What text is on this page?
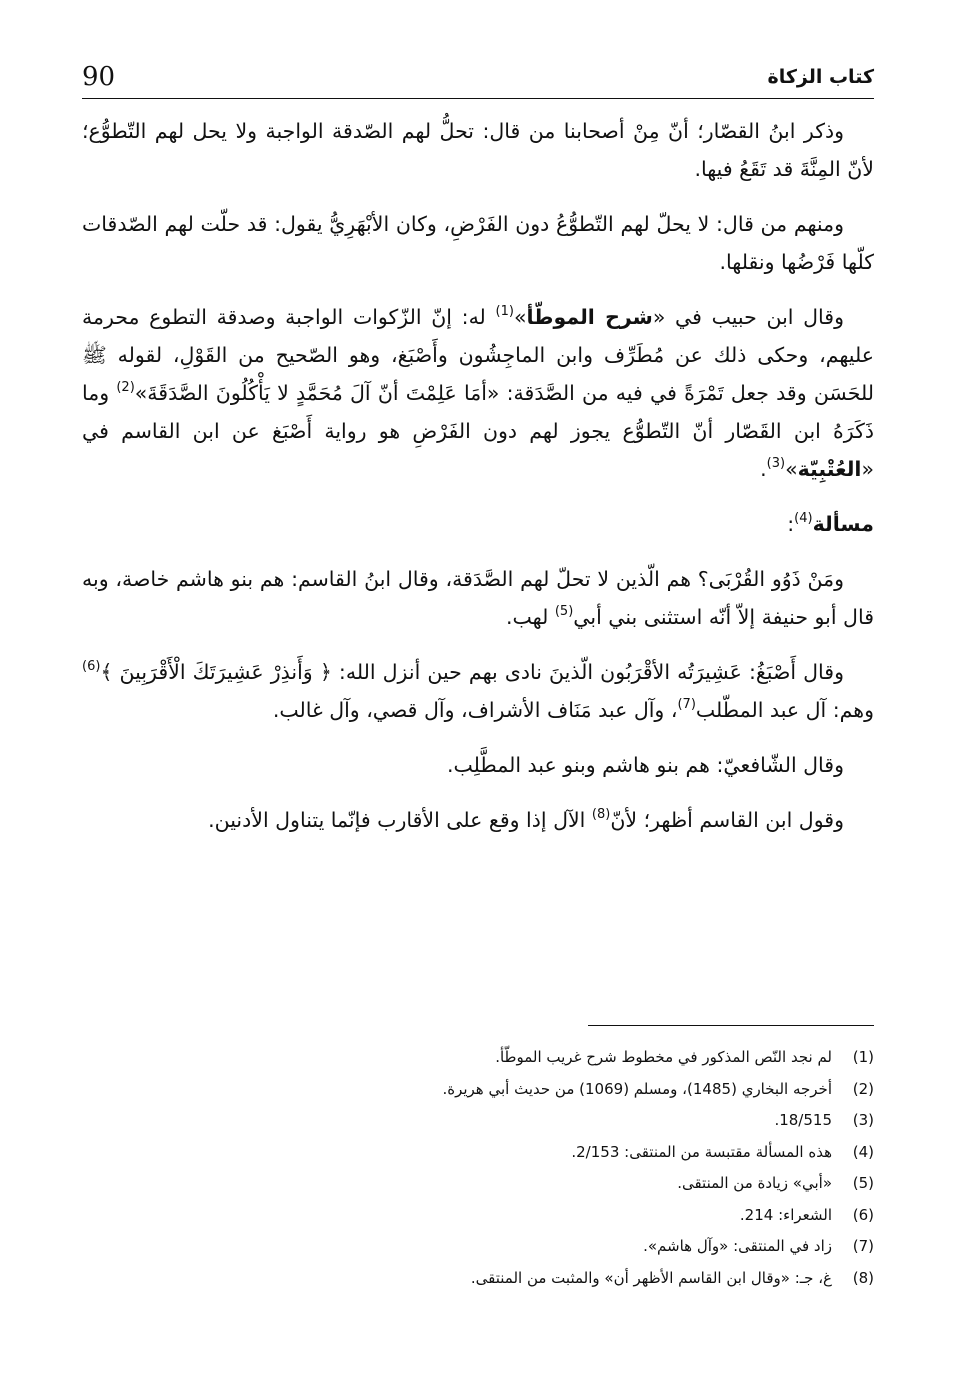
90	كتاب الزكاة

وذكر ابنُ القصّار؛ أنّ مِنْ أصحابنا من قال: تحلُّ لهم الصّدقة الواجبة ولا يحل لهم التّطوُّع؛ لأنّ المِنَّةَ قد تَقَعُ فيها.

ومنهم من قال: لا يحلّ لهم التّطوُّعُ دون الفَرْضِ، وكان الأبْهَرِيُّ يقول: قد حلّت لهم الصّدقات كلّها فَرْضُها ونقلها.

وقال ابن حبيب في «شرح الموطّأ»$^{(1)}$ له: إنّ الزّكوات الواجبة وصدقة التطوع محرمة عليهم، وحكى ذلك عن مُطَرِّف وابن الماجِشُون وأَصْبَغ، وهو الصّحيح من القَوْلِ، لقوله ﷺ للحَسَن وقد جعل تَمْرَةً في فيه من الصَّدَقة: «أمَا عَلِمْتَ أنّ آلَ مُحَمَّدٍ لا يَأْكُلُونَ الصَّدَقَةَ»$^{(2)}$ وما ذَكَرَهُ ابن القَصّار أنّ التّطوُّع يجوز لهم دون الفَرْضِ هو رواية أَصْبَغ عن ابن القاسم في «العُتْبِيّة»$^{(3)}$.

مسألة$^{(4)}$:

ومَنْ ذَوُو القُرْبَى؟ هم الّذين لا تحلّ لهم الصَّدَقة، وقال ابنُ القاسم: هم بنو هاشم خاصة، وبه قال أبو حنيفة إلاّ أنّه استثنى بني أبي$^{(5)}$ لهب.

وقال أَصْبَغُ: عَشِيرَتُه الأقْرَبُون الّذينَ نادى بهم حين أنزل الله: ﴿ وَأَنذِرْ عَشِيرَتَكَ الْأَقْرَبِينَ ﴾$^{(6)}$ وهم: آل عبد المطّلب$^{(7)}$، وآل عبد مَنَاف الأشراف، وآل قصي، وآل غالب.

وقال الشّافعيّ: هم بنو هاشم وبنو عبد المطَّلِب.

وقول ابن القاسم أظهر؛ لأنّ$^{(8)}$ الآل إذا وقع على الأقارب فإنّما يتناول الأدنين.

(1)
لم نجد النّص المذكور في مخطوط شرح غريب الموطّأ.
(2)
أخرجه البخاري (1485)، ومسلم (1069) من حديث أبي هريرة.
(3)
18/515.
(4)
هذه المسألة مقتبسة من المنتقى: 2/153.
(5)
«أبي» زيادة من المنتقى.
(6)
الشعراء: 214.
(7)
زاد في المنتقى: «وآل هاشم».
(8)
غ، جـ: «وقال ابن القاسم الأظهر أن» والمثبت من المنتقى.
